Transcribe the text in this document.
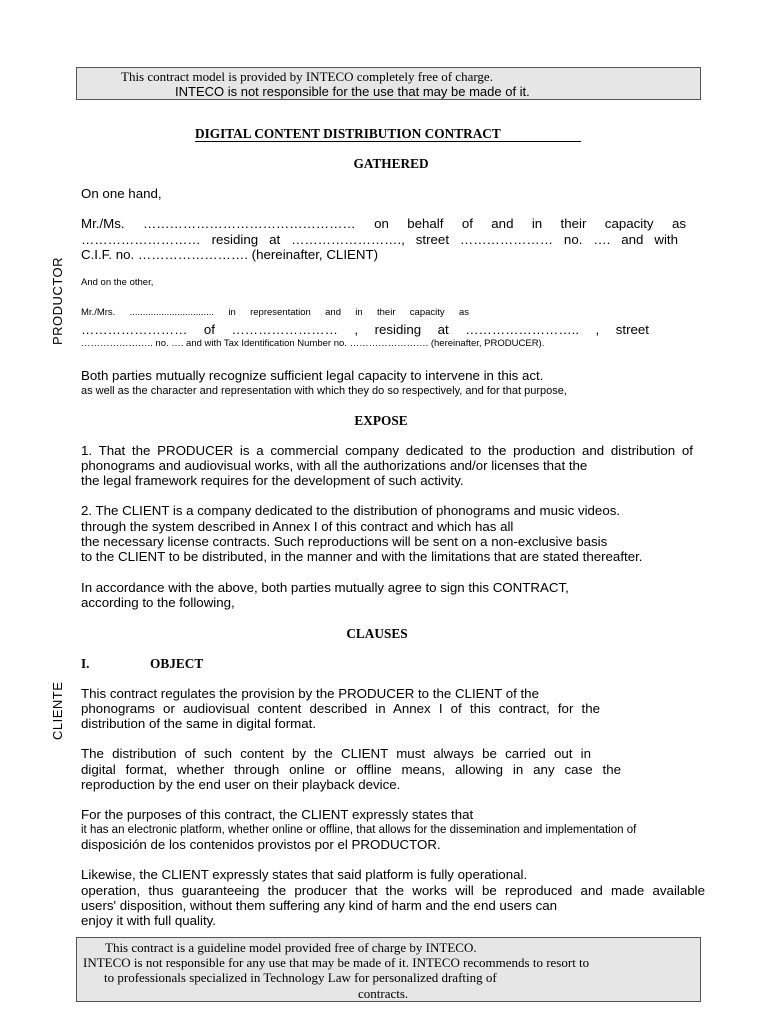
This contract model is provided by INTECO completely free of charge.
INTECO is not responsible for the use that may be made of it.
DIGITAL CONTENT DISTRIBUTION CONTRACT
PRODUCTOR
CLIENTE
GATHERED
On one hand,
Mr./Ms. ………………………………………… on behalf of and in their capacity as
……………………… residing at ……………………., street ………………… no. …. and with
C.I.F. no. ……………………. (hereinafter, CLIENT)
And on the other,
Mr./Mrs. ................................ in representation and in their capacity as
…………………… of …………………… , residing at …………………….. , street
………………….. no. …. and with Tax Identification Number no. ……………………. (hereinafter, PRODUCER).
Both parties mutually recognize sufficient legal capacity to intervene in this act.
as well as the character and representation with which they do so respectively, and for that purpose,
EXPOSE
1. That the PRODUCER is a commercial company dedicated to the production and distribution of
phonograms and audiovisual works, with all the authorizations and/or licenses that the
the legal framework requires for the development of such activity.
2. The CLIENT is a company dedicated to the distribution of phonograms and music videos.
through the system described in Annex I of this contract and which has all
the necessary license contracts. Such reproductions will be sent on a non-exclusive basis
to the CLIENT to be distributed, in the manner and with the limitations that are stated thereafter.
In accordance with the above, both parties mutually agree to sign this CONTRACT,
according to the following,
CLAUSES
I.	OBJECT
This contract regulates the provision by the PRODUCER to the CLIENT of the
phonograms or audiovisual content described in Annex I of this contract, for the
distribution of the same in digital format.
The distribution of such content by the CLIENT must always be carried out in
digital format, whether through online or offline means, allowing in any case the
reproduction by the end user on their playback device.
For the purposes of this contract, the CLIENT expressly states that
it has an electronic platform, whether online or offline, that allows for the dissemination and implementation of
disposición de los contenidos provistos por el PRODUCTOR.
Likewise, the CLIENT expressly states that said platform is fully operational.
operation, thus guaranteeing the producer that the works will be reproduced and made available
users' disposition, without them suffering any kind of harm and the end users can
enjoy it with full quality.
This contract is a guideline model provided free of charge by INTECO.
INTECO is not responsible for any use that may be made of it. INTECO recommends to resort to
to professionals specialized in Technology Law for personalized drafting of
contracts.
